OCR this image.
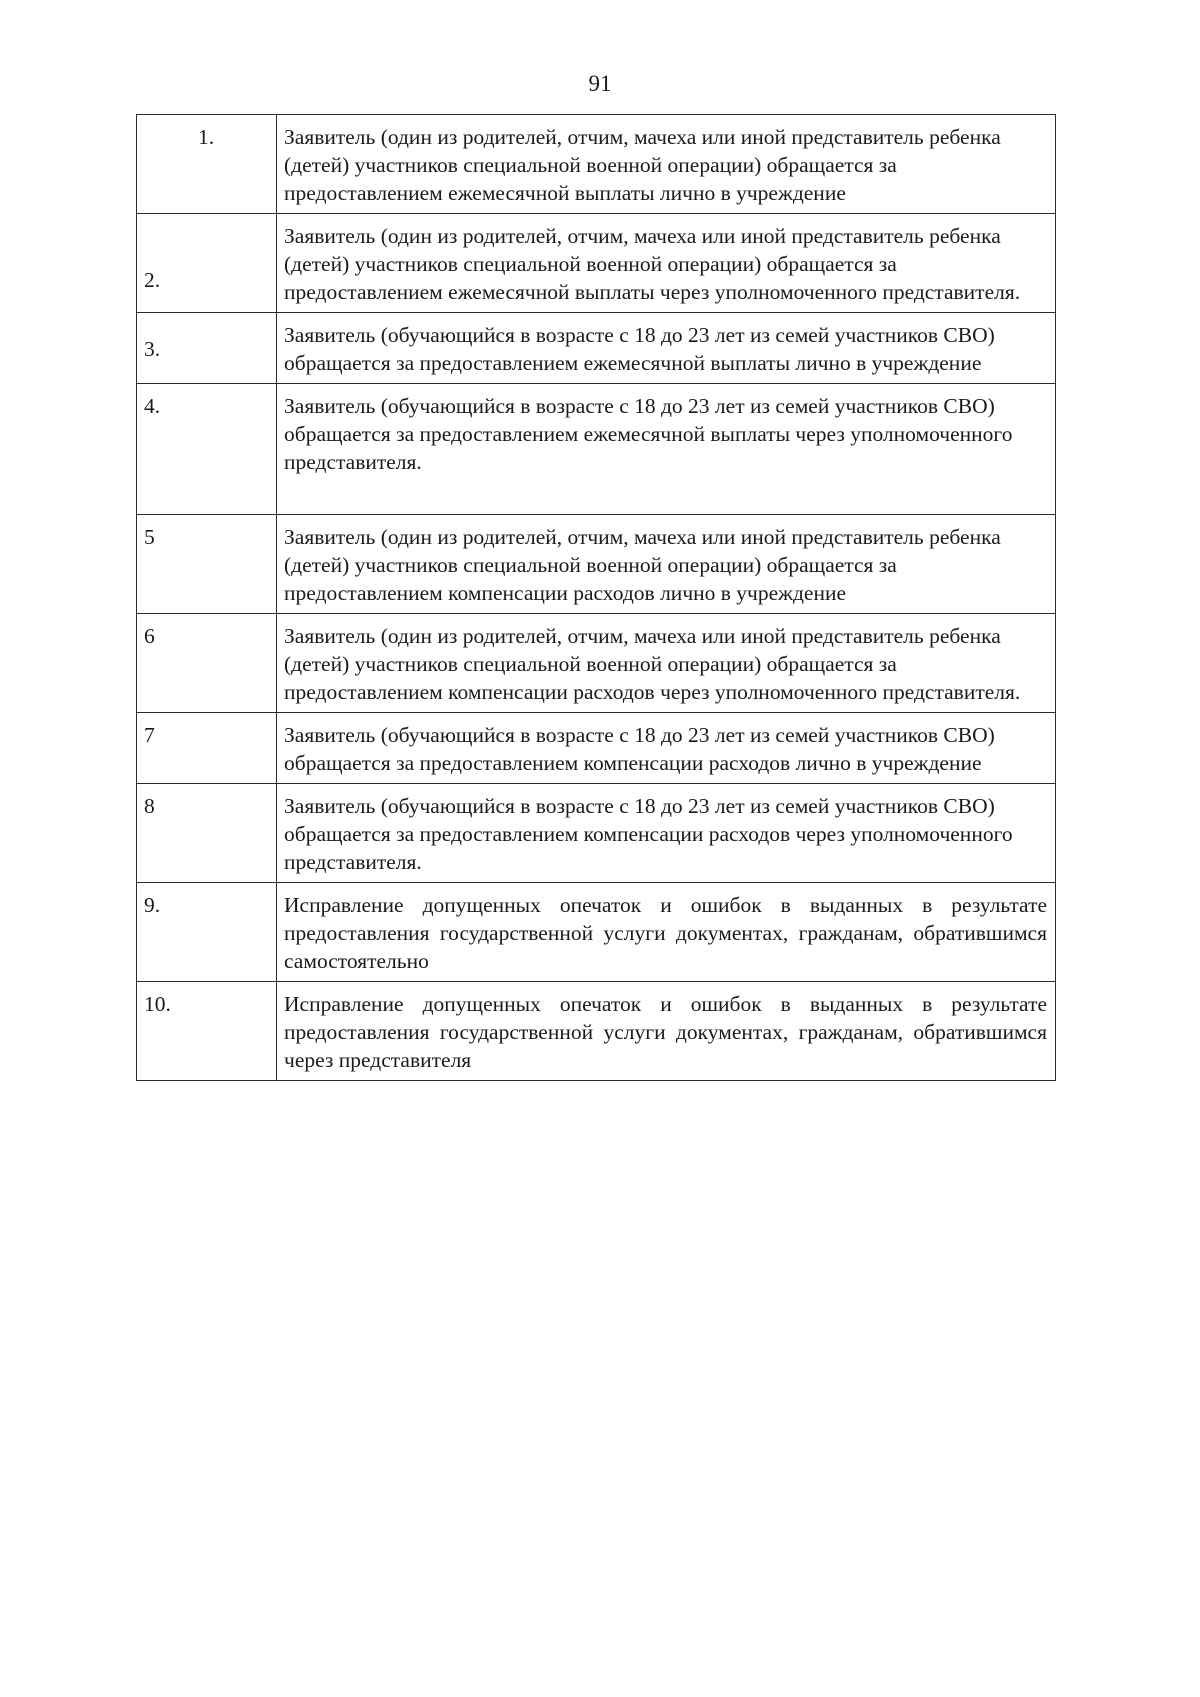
91
1.	Заявитель (один из родителей, отчим, мачеха или иной представитель ребенка (детей) участников специальной военной операции) обращается за предоставлением ежемесячной выплаты лично в учреждение
2.	Заявитель (один из родителей, отчим, мачеха или иной представитель ребенка (детей) участников специальной военной операции) обращается за предоставлением ежемесячной выплаты через уполномоченного представителя.
3.	Заявитель (обучающийся в возрасте с 18 до 23 лет из семей участников СВО) обращается за предоставлением ежемесячной выплаты лично в учреждение
4.	Заявитель (обучающийся в возрасте с 18 до 23 лет из семей участников СВО) обращается за предоставлением ежемесячной выплаты через уполномоченного представителя.
5	Заявитель (один из родителей, отчим, мачеха или иной представитель ребенка (детей) участников специальной военной операции) обращается за предоставлением компенсации расходов лично в учреждение
6	Заявитель (один из родителей, отчим, мачеха или иной представитель ребенка (детей) участников специальной военной операции) обращается за предоставлением компенсации расходов через уполномоченного представителя.
7	Заявитель (обучающийся в возрасте с 18 до 23 лет из семей участников СВО) обращается за предоставлением компенсации расходов лично в учреждение
8	Заявитель (обучающийся в возрасте с 18 до 23 лет из семей участников СВО) обращается за предоставлением компенсации расходов через уполномоченного представителя.
9.	Исправление допущенных опечаток и ошибок в выданных в результате предоставления государственной услуги документах, гражданам, обратившимся самостоятельно
10.	Исправление допущенных опечаток и ошибок в выданных в результате предоставления государственной услуги документах, гражданам, обратившимся через представителя
